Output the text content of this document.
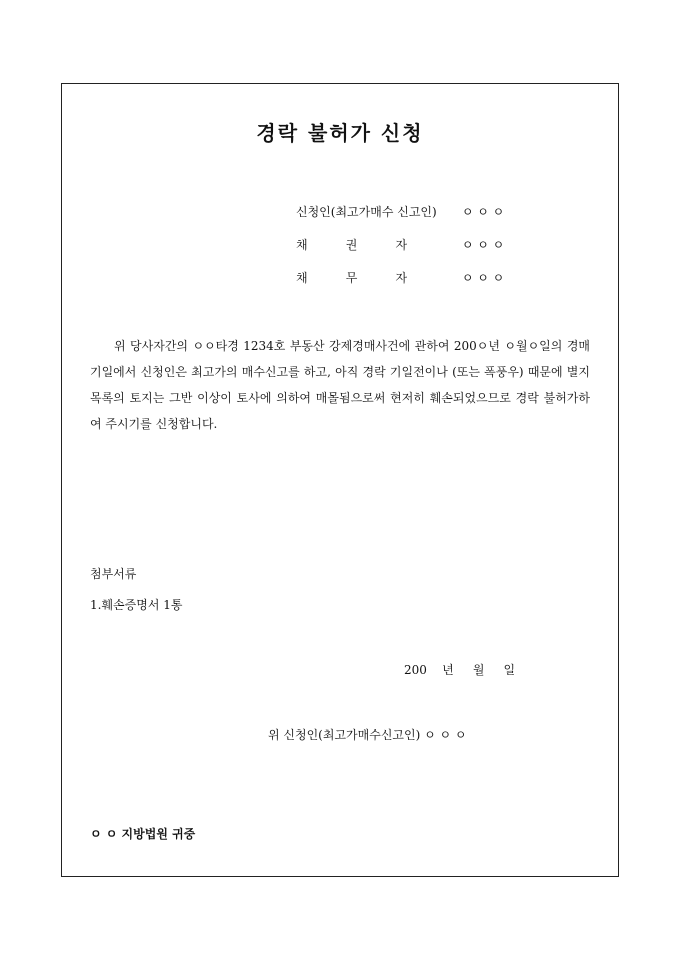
경락 불허가 신청
신청인(최고가매수 신고인) ㅇ ㅇ ㅇ
채          권          자	ㅇ ㅇ ㅇ
채          무          자	ㅇ ㅇ ㅇ
위 당사자간의 ㅇㅇ타경 1234호 부동산 강제경매사건에 관하여 200ㅇ년 ㅇ월ㅇ일의 경매기일에서 신청인은 최고가의 매수신고를 하고, 아직 경락 기일전이나 (또는 폭풍우) 때문에 별지 목록의 토지는 그반 이상이 토사에 의하여 매몰됨으로써 현저히 훼손되었으므로 경락 불허가하여 주시기를 신청합니다.
첨부서류
1.훼손증명서 1통
200    년     월     일
위 신청인(최고가매수신고인) ㅇ ㅇ ㅇ
ㅇ ㅇ 지방법원 귀중
